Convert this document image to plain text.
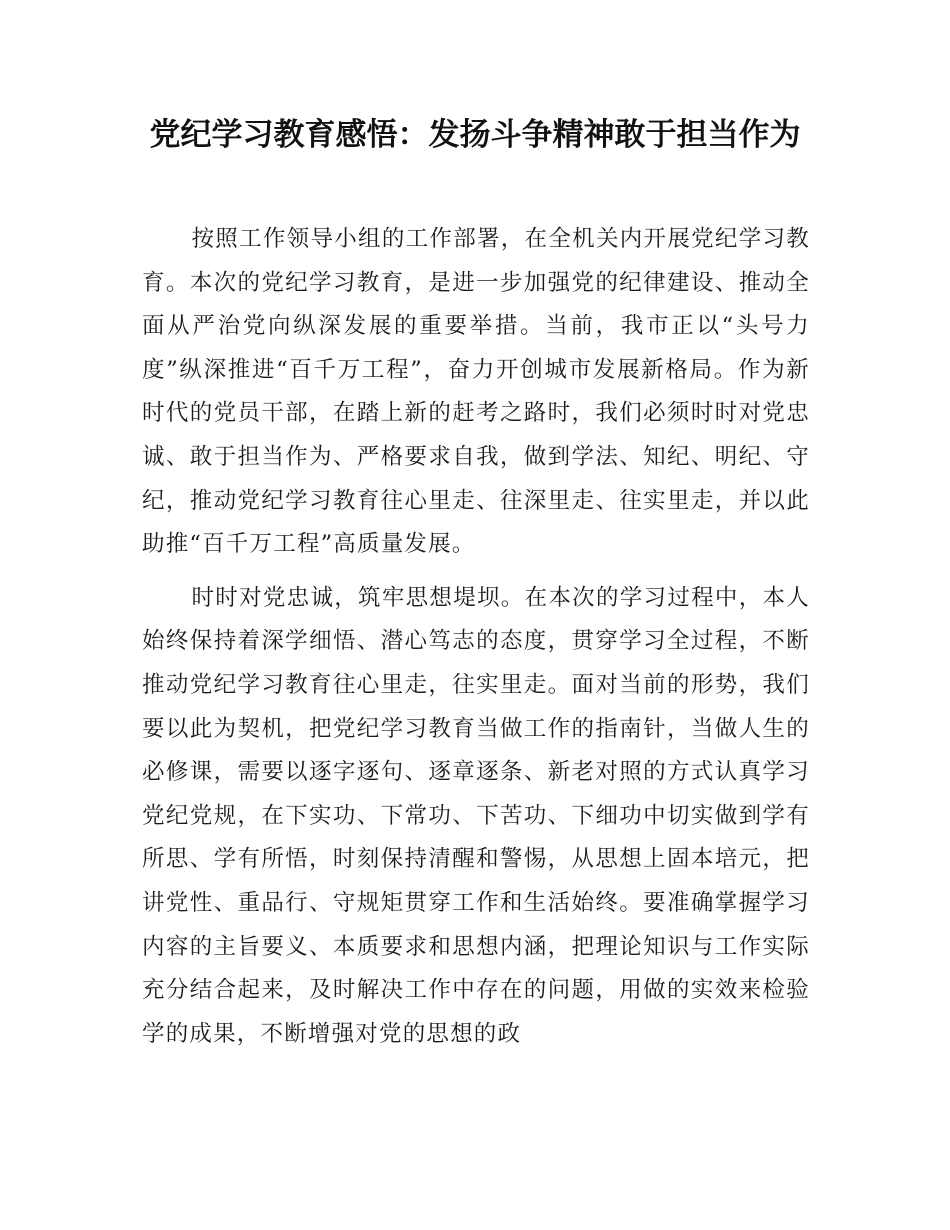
党纪学习教育感悟：发扬斗争精神敢于担当作为

按照工作领导小组的工作部署，在全机关内开展党纪学习教育。本次的党纪学习教育，是进一步加强党的纪律建设、推动全面从严治党向纵深发展的重要举措。当前，我市正以“头号力度”纵深推进“百千万工程”，奋力开创城市发展新格局。作为新时代的党员干部，在踏上新的赶考之路时，我们必须时时对党忠诚、敢于担当作为、严格要求自我，做到学法、知纪、明纪、守纪，推动党纪学习教育往心里走、往深里走、往实里走，并以此助推“百千万工程”高质量发展。

时时对党忠诚，筑牢思想堤坝。在本次的学习过程中，本人始终保持着深学细悟、潜心笃志的态度，贯穿学习全过程，不断推动党纪学习教育往心里走，往实里走。面对当前的形势，我们要以此为契机，把党纪学习教育当做工作的指南针，当做人生的必修课，需要以逐字逐句、逐章逐条、新老对照的方式认真学习党纪党规，在下实功、下常功、下苦功、下细功中切实做到学有所思、学有所悟，时刻保持清醒和警惕，从思想上固本培元，把讲党性、重品行、守规矩贯穿工作和生活始终。要准确掌握学习内容的主旨要义、本质要求和思想内涵，把理论知识与工作实际充分结合起来，及时解决工作中存在的问题，用做的实效来检验学的成果，不断增强对党的思想的政
